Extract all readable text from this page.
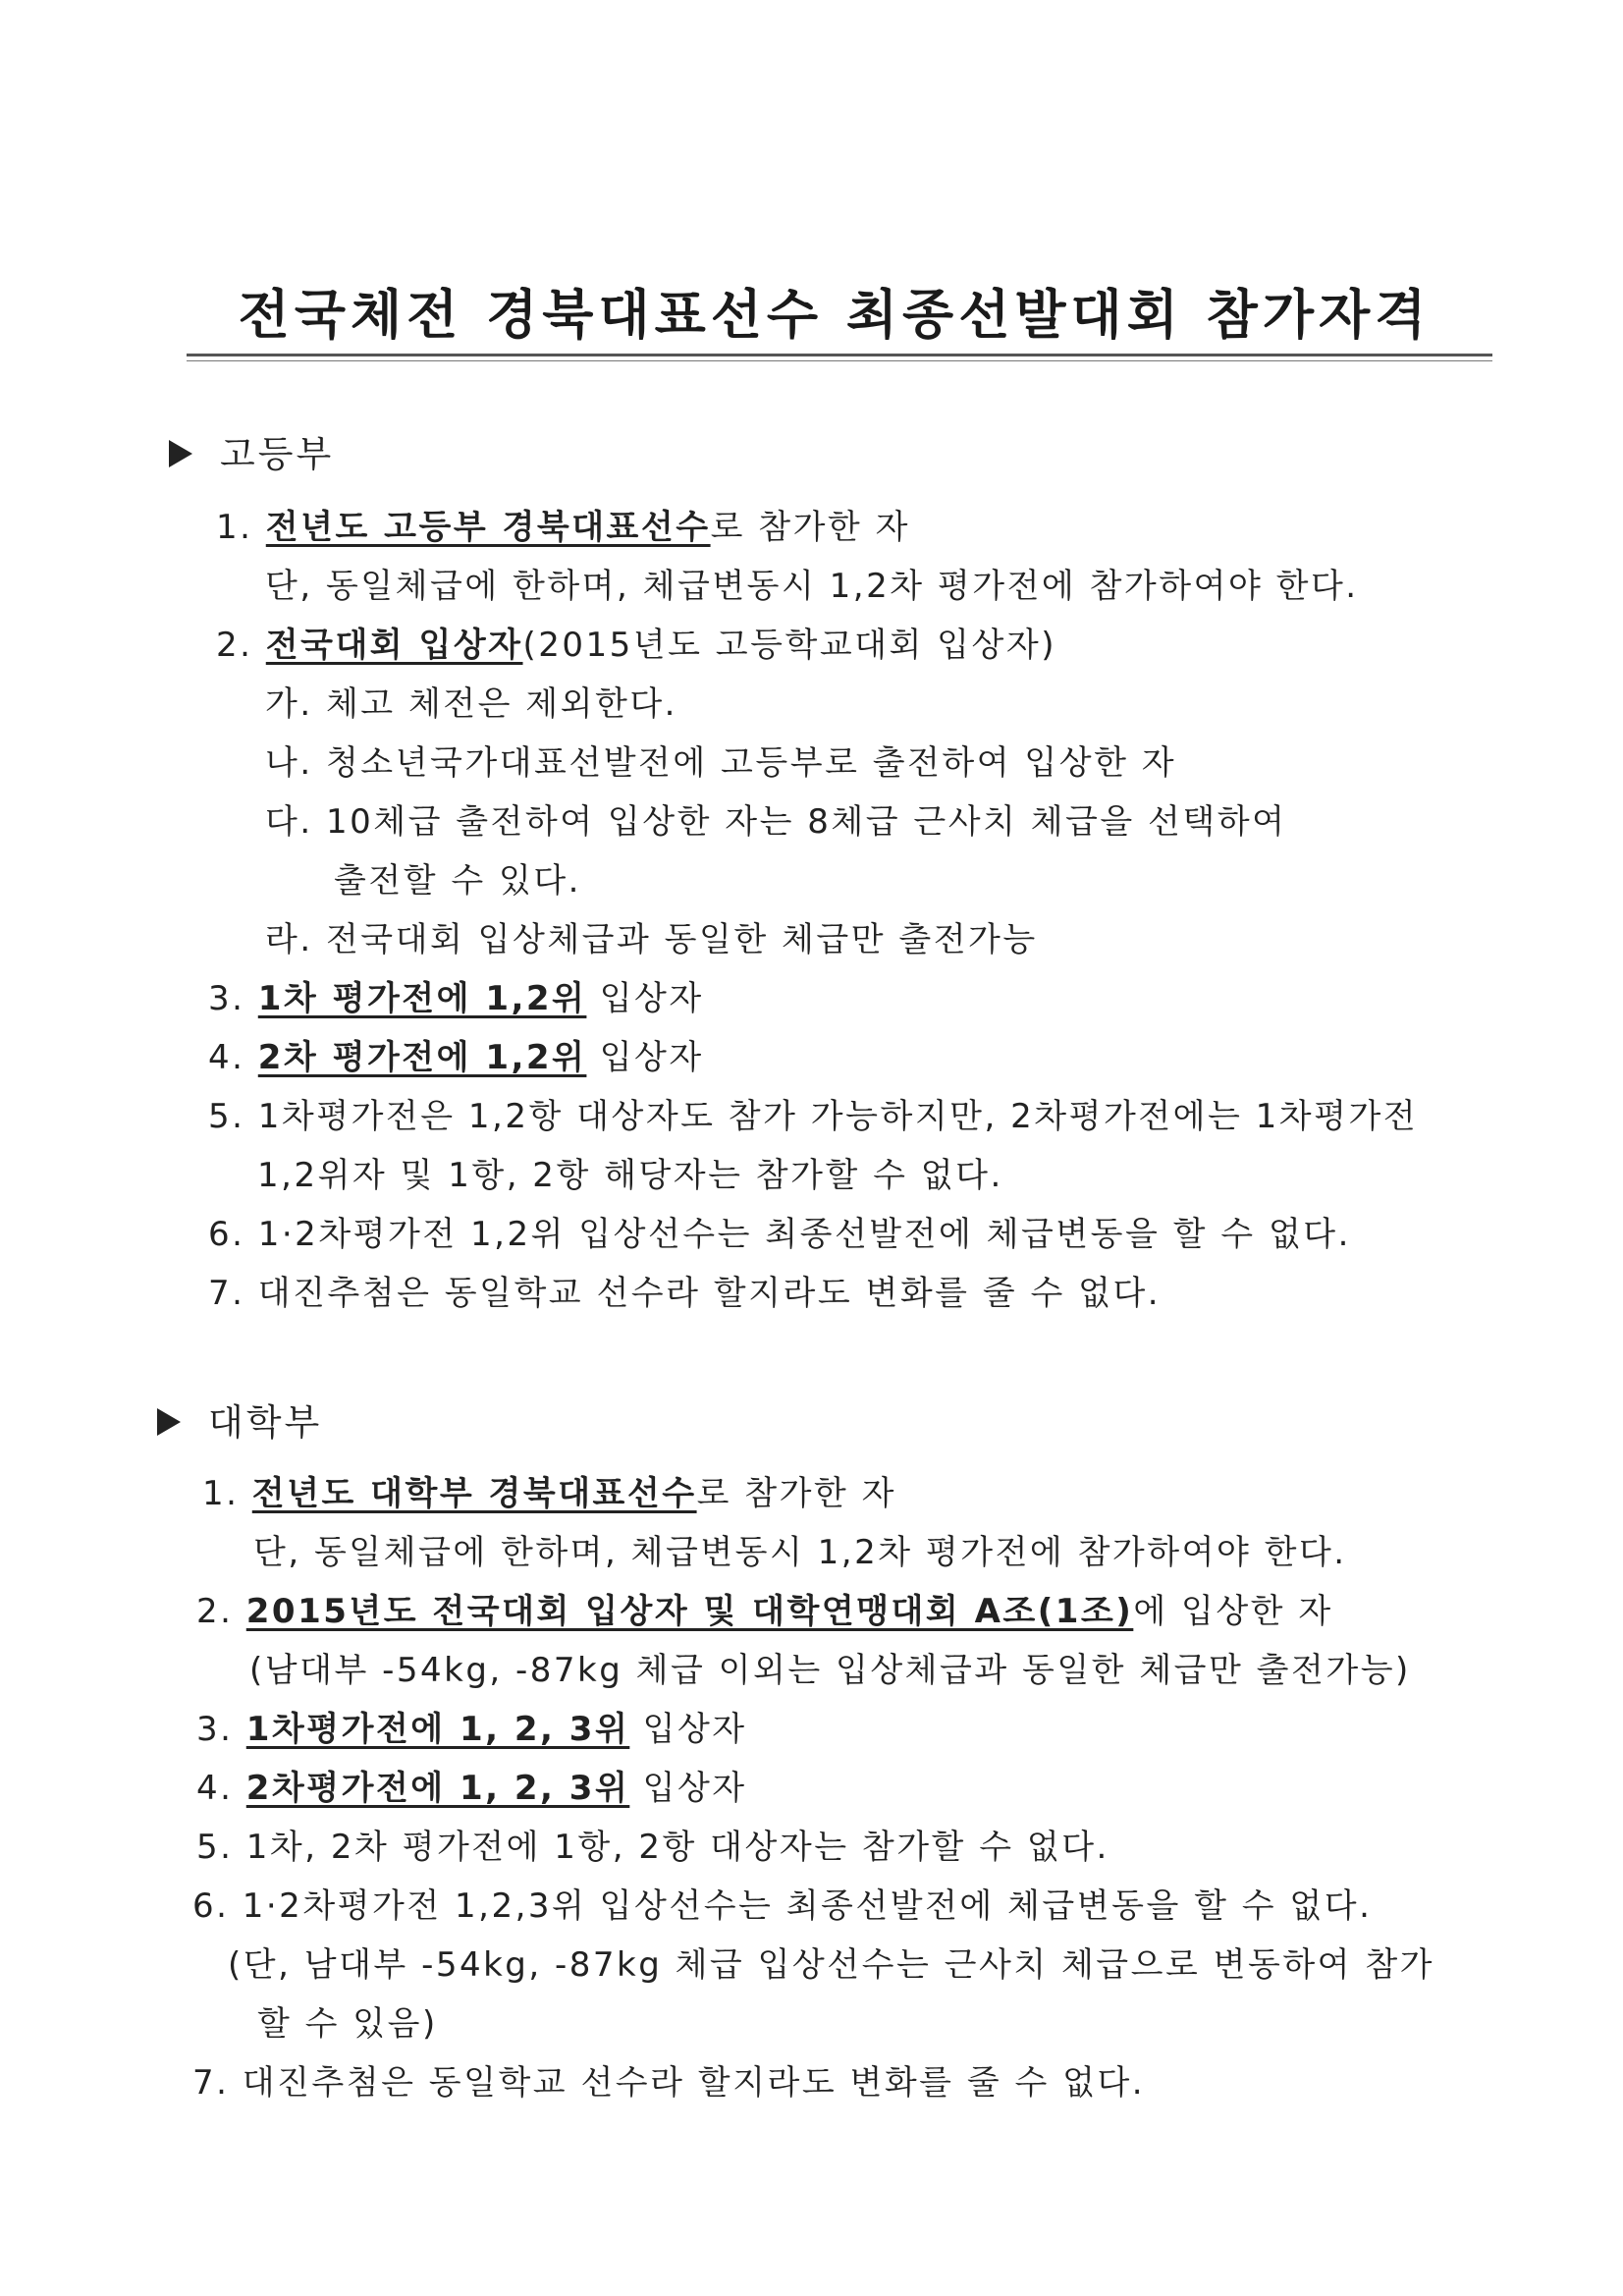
전국체전 경북대표선수 최종선발대회 참가자격
고등부
1. 전년도 고등부 경북대표선수로 참가한 자
단, 동일체급에 한하며, 체급변동시 1,2차 평가전에 참가하여야 한다.
2. 전국대회 입상자(2015년도 고등학교대회 입상자)
가. 체고 체전은 제외한다.
나. 청소년국가대표선발전에 고등부로 출전하여 입상한 자
다. 10체급 출전하여 입상한 자는 8체급 근사치 체급을 선택하여
출전할 수 있다.
라. 전국대회 입상체급과 동일한 체급만 출전가능
3. 1차 평가전에 1,2위 입상자
4. 2차 평가전에 1,2위 입상자
5. 1차평가전은 1,2항 대상자도 참가 가능하지만, 2차평가전에는 1차평가전
1,2위자 및 1항, 2항 해당자는 참가할 수 없다.
6. 1·2차평가전 1,2위 입상선수는 최종선발전에 체급변동을 할 수 없다.
7. 대진추첨은 동일학교 선수라 할지라도 변화를 줄 수 없다.
대학부
1. 전년도 대학부 경북대표선수로 참가한 자
단, 동일체급에 한하며, 체급변동시 1,2차 평가전에 참가하여야 한다.
2. 2015년도 전국대회 입상자 및 대학연맹대회 A조(1조)에 입상한 자
(남대부 -54kg, -87kg 체급 이외는 입상체급과 동일한 체급만 출전가능)
3. 1차평가전에 1, 2, 3위 입상자
4. 2차평가전에 1, 2, 3위 입상자
5. 1차, 2차 평가전에 1항, 2항 대상자는 참가할 수 없다.
6. 1·2차평가전 1,2,3위 입상선수는 최종선발전에 체급변동을 할 수 없다.
(단, 남대부 -54kg, -87kg 체급 입상선수는 근사치 체급으로 변동하여 참가
할 수 있음)
7. 대진추첨은 동일학교 선수라 할지라도 변화를 줄 수 없다.
